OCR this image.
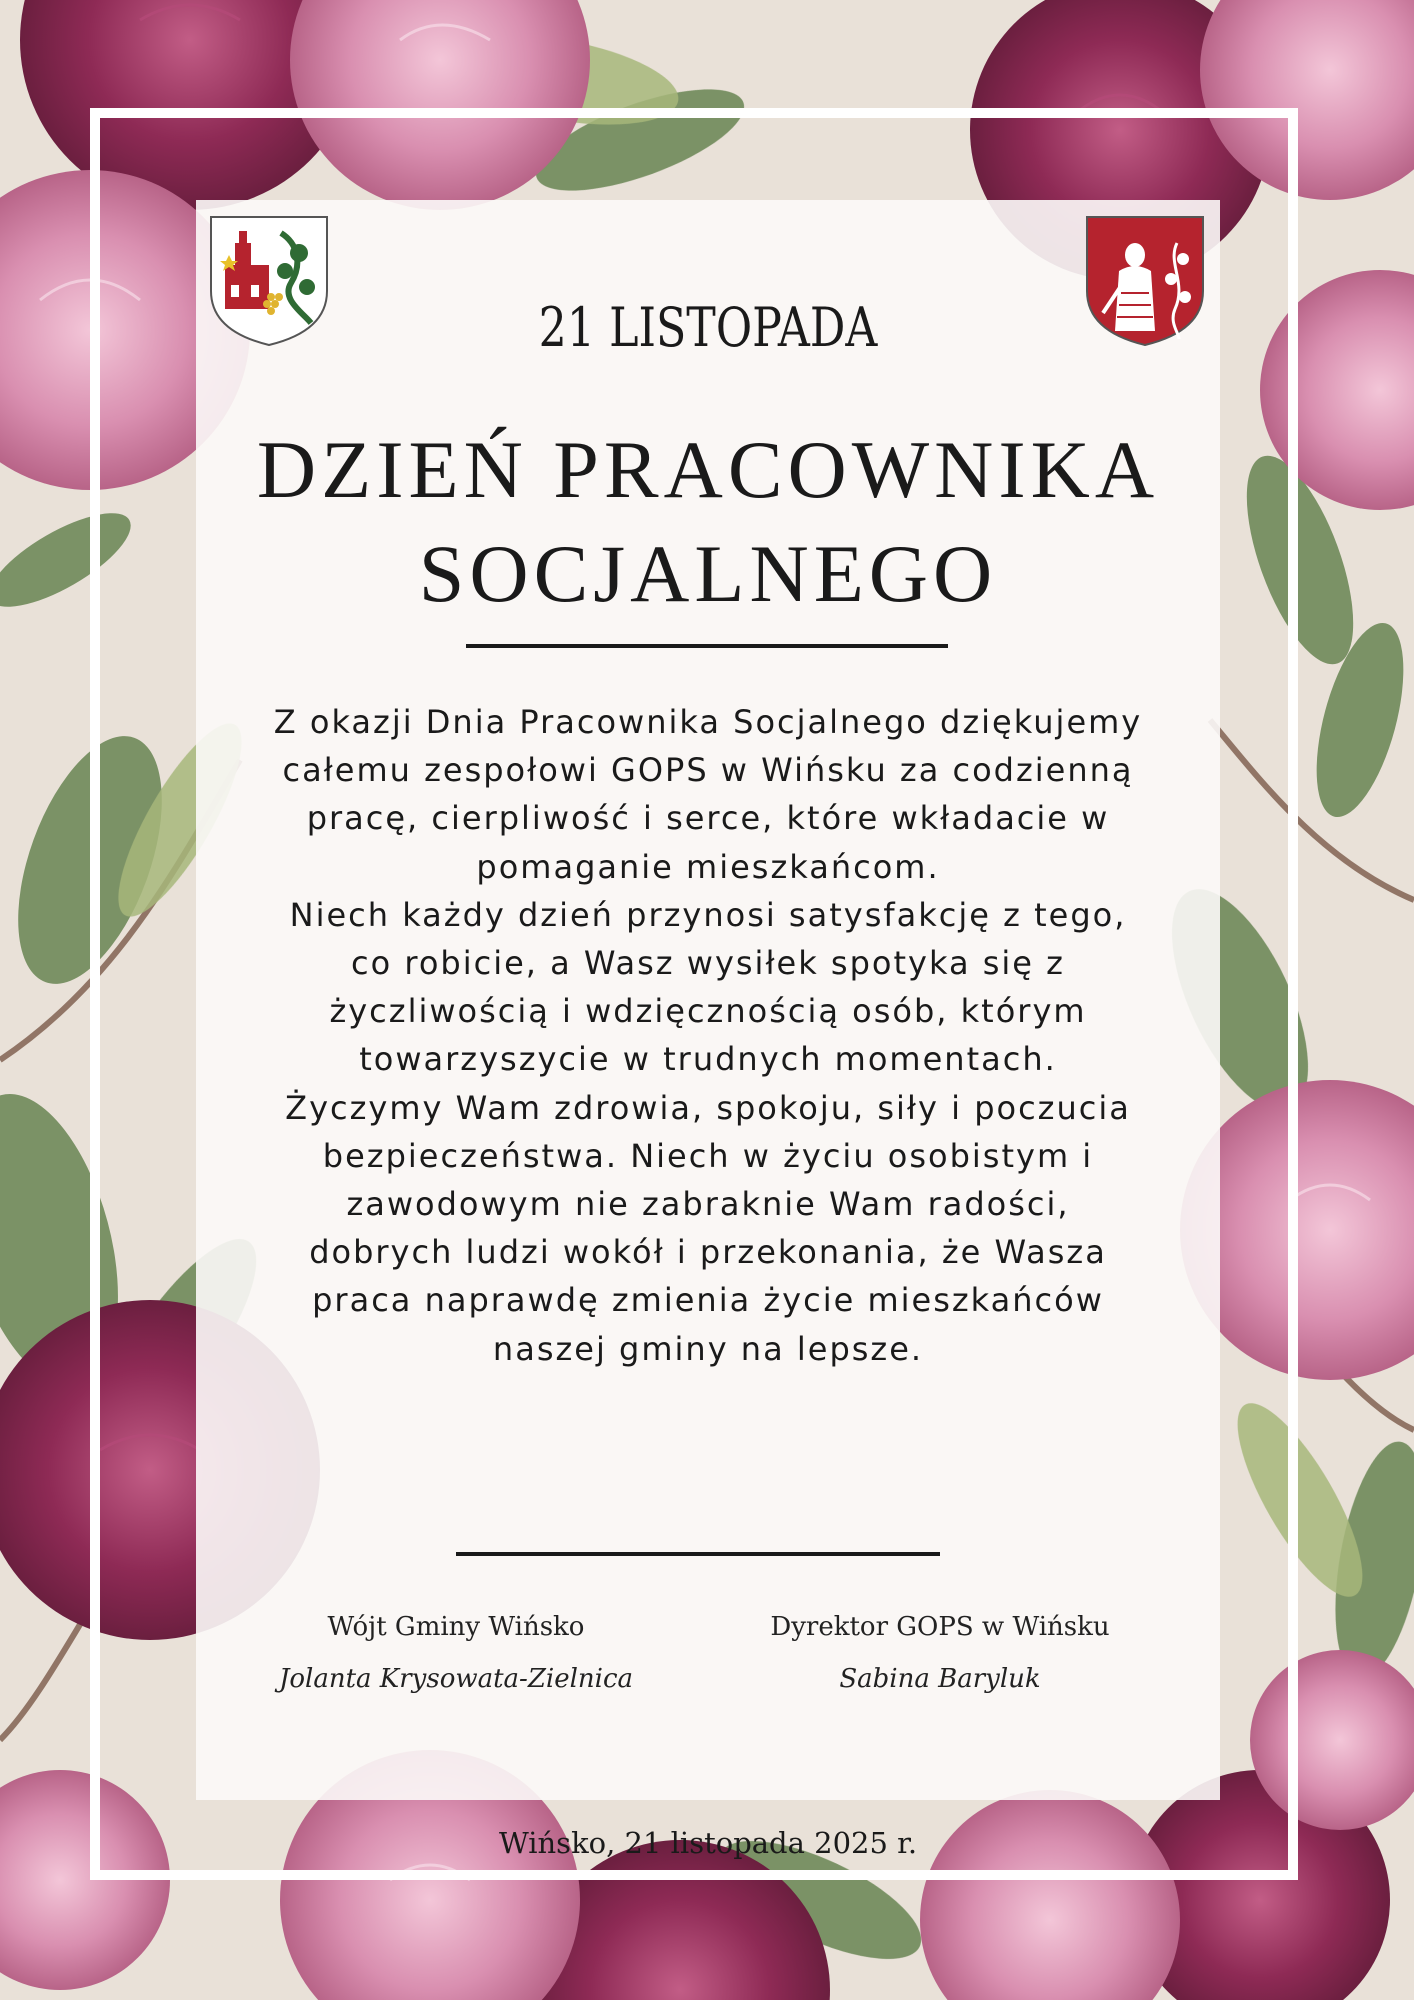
21 LISTOPADA
DZIEŃ PRACOWNIKA
SOCJALNEGO

Z okazji Dnia Pracownika Socjalnego dziękujemy całemu zespołowi GOPS w Wińsku za codzienną pracę, cierpliwość i serce, które wkładacie w pomaganie mieszkańcom.

Niech każdy dzień przynosi satysfakcję z tego, co robicie, a Wasz wysiłek spotyka się z życzliwością i wdzięcznością osób, którym towarzyszycie w trudnych momentach.

Życzymy Wam zdrowia, spokoju, siły i poczucia bezpieczeństwa. Niech w życiu osobistym i zawodowym nie zabraknie Wam radości, dobrych ludzi wokół i przekonania, że Wasza praca naprawdę zmienia życie mieszkańców naszej gminy na lepsze.

Wójt Gminy Wińsko
Jolanta Krysowata-Zielnica
Dyrektor GOPS w Wińsku
Sabina Baryluk
Wińsko, 21 listopada 2025 r.
